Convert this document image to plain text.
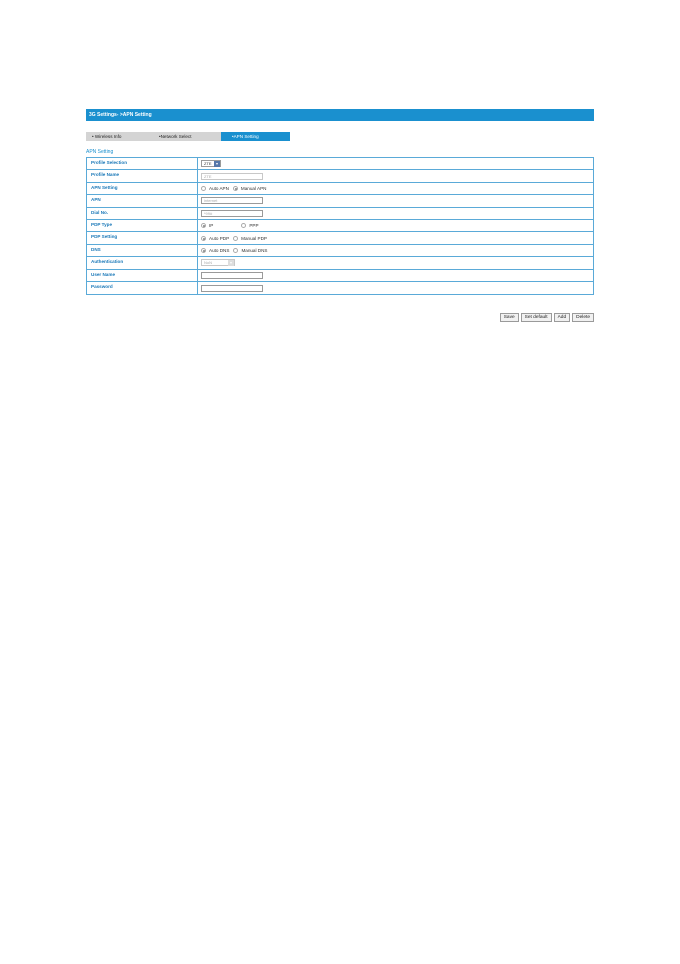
3G Settings- >APN Setting
• Wireless Info	•Network Select	•APN Setting
APN Setting
Profile Selection	ZTE
Profile Name	ZTE
APN Setting	Auto APN	Manual APN
APN	internet
Dial No.	*99#
PDP Type	IP	PPP
PDP Setting	Auto PDP	Manual PDP
DNS	Auto DNS	Manual DNS
Authentication	NoN
User Name
Password
Save	Set default	Add	Delete
